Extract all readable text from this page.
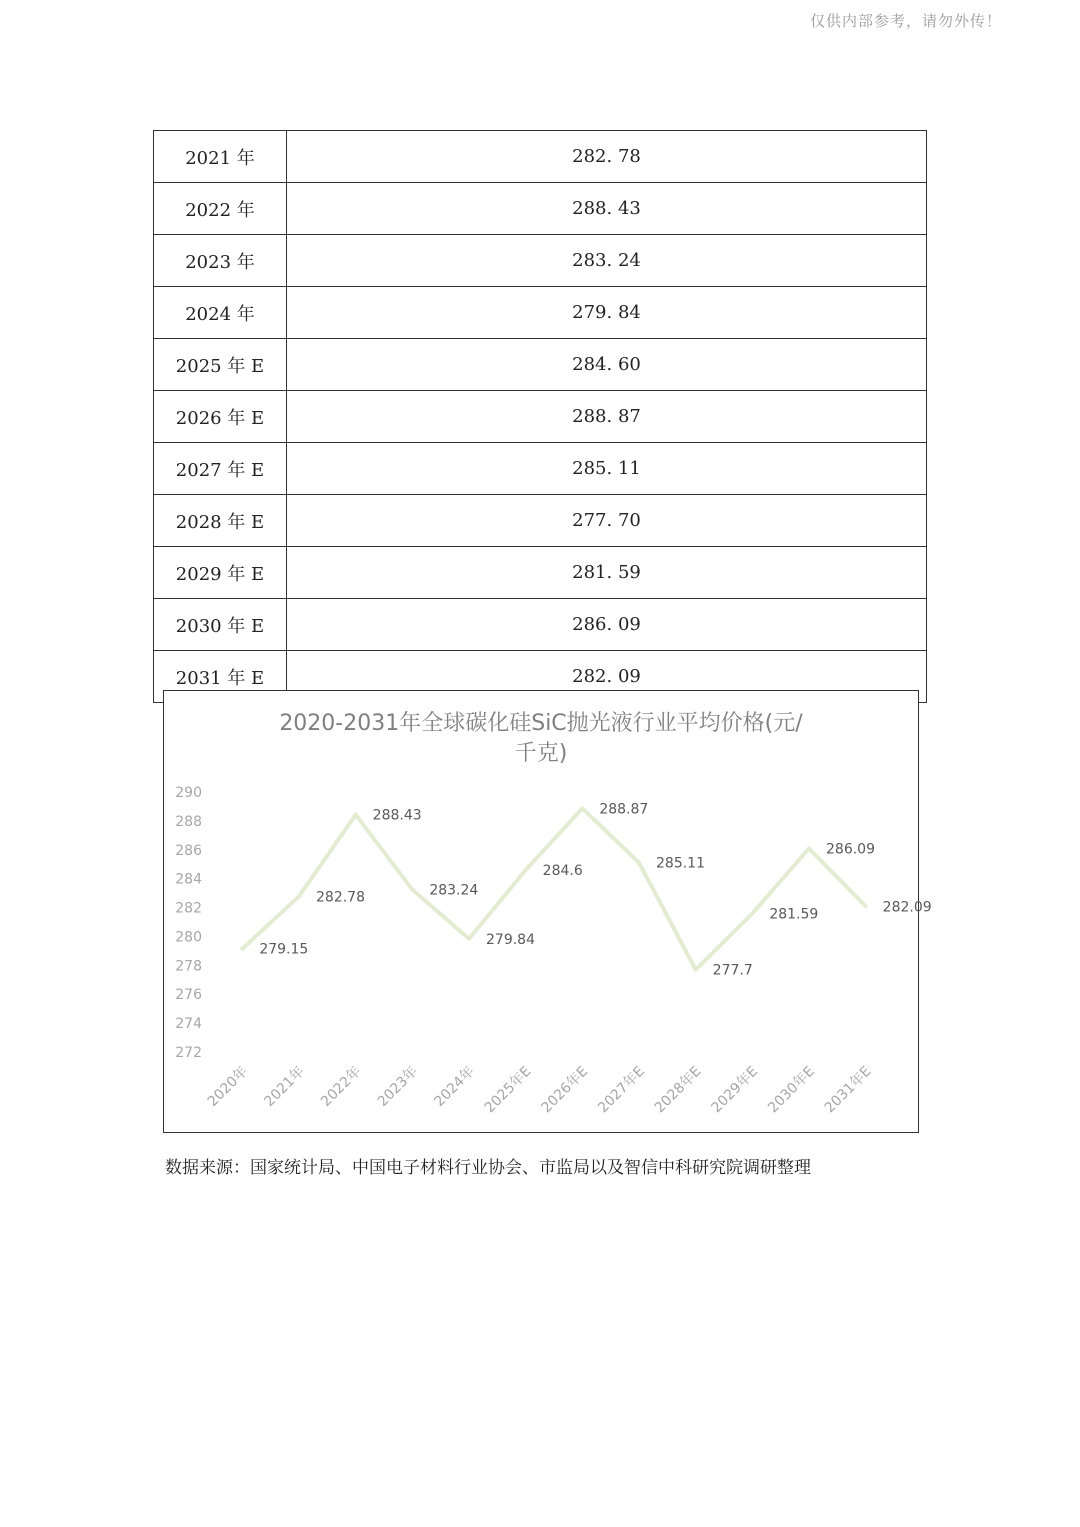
仅供内部参考，请勿外传！
2021 年	282. 78
2022 年	288. 43
2023 年	283. 24
2024 年	279. 84
2025 年 E	284. 60
2026 年 E	288. 87
2027 年 E	285. 11
2028 年 E	277. 70
2029 年 E	281. 59
2030 年 E	286. 09
2031 年 E	282. 09
2020-2031年全球碳化硅SiC抛光液行业平均价格(元/
千克)
272
274
276
278
280
282
284
286
288
290
2020年 2021年 2022年 2023年 2024年 2025年E 2026年E 2027年E 2028年E 2029年E 2030年E 2031年E
279.15
282.78
288.43
283.24
279.84
284.6
288.87
285.11
277.7
281.59
286.09
282.09
数据来源：国家统计局、中国电子材料行业协会、市监局以及智信中科研究院调研整理
